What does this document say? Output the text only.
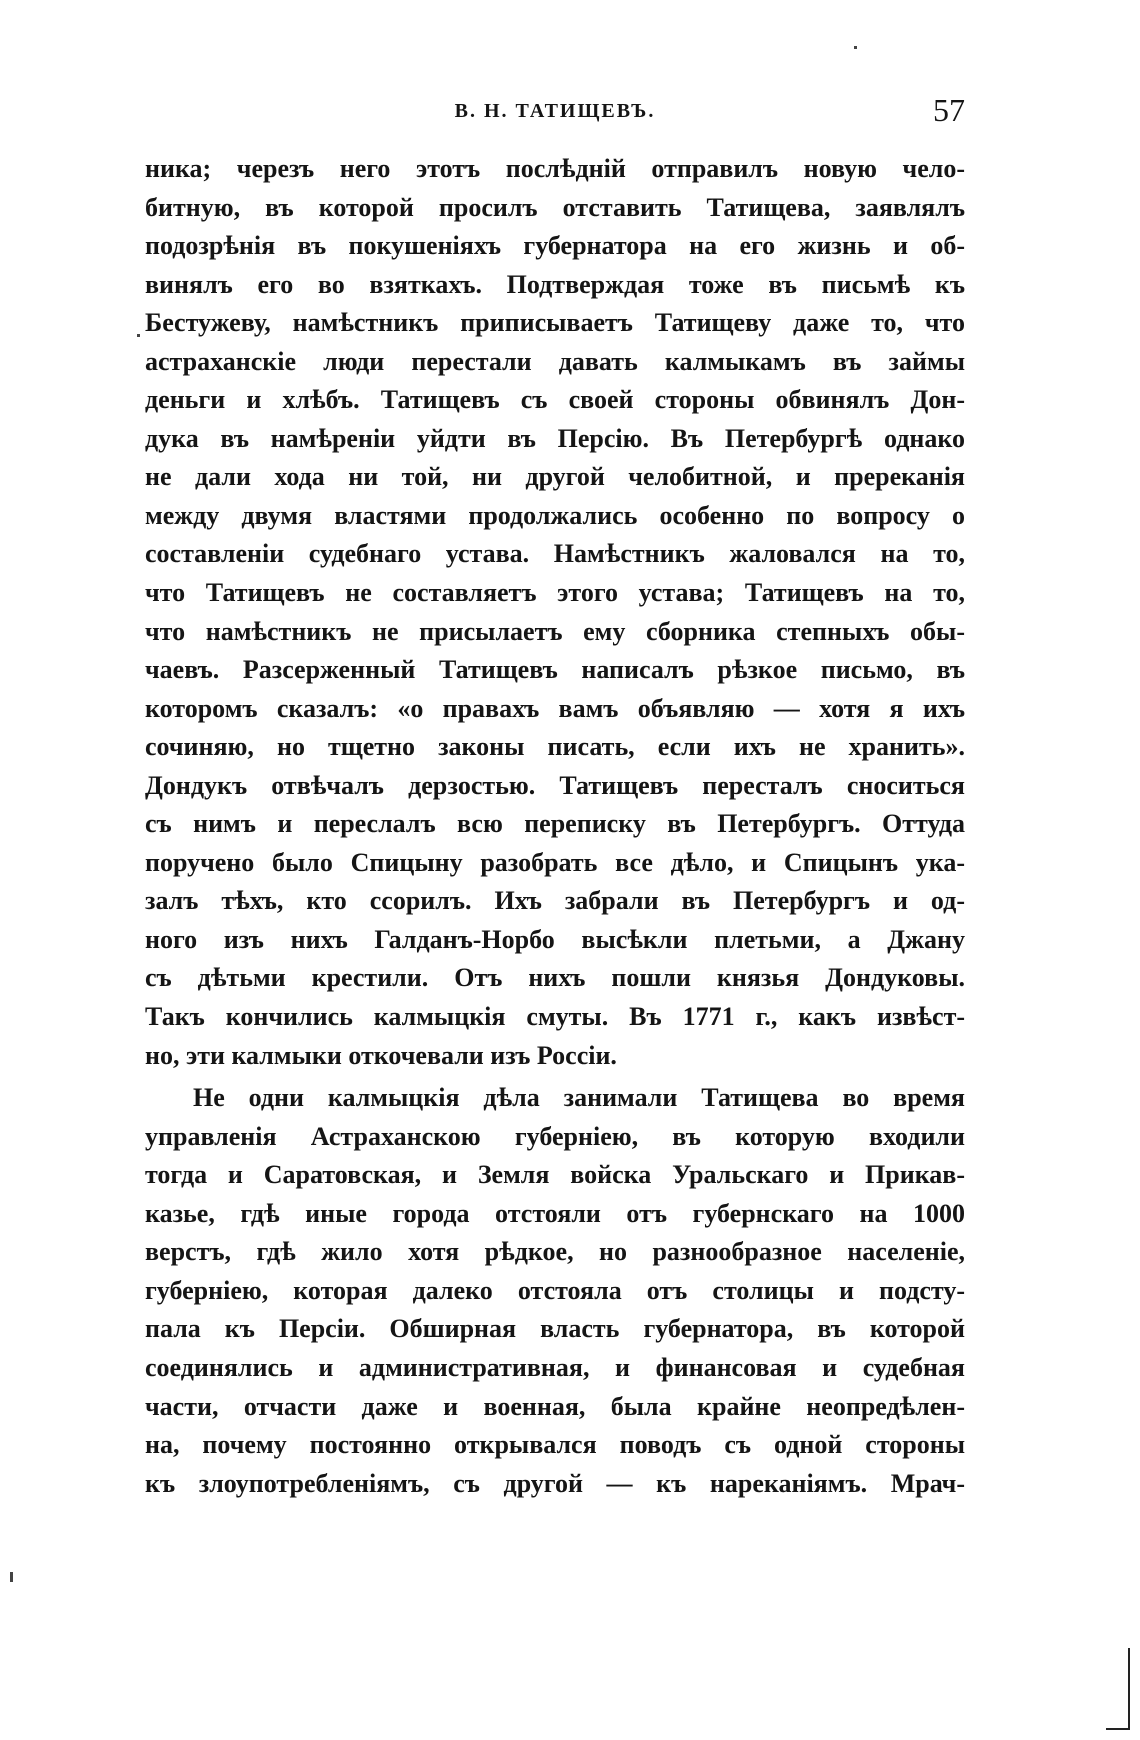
В. Н. ТАТИЩЕВЪ.	57
ника; черезъ него этотъ послѣдній отправилъ новую чело-
битную, въ которой просилъ отставить Татищева, заявлялъ
подозрѣнія въ покушеніяхъ губернатора на его жизнь и об-
винялъ его во взяткахъ. Подтверждая тоже въ письмѣ къ
Бестужеву, намѣстникъ приписываетъ Татищеву даже то, что
астраханскіе люди перестали давать калмыкамъ въ займы
деньги и хлѣбъ. Татищевъ съ своей стороны обвинялъ Дон-
дука въ намѣреніи уйдти въ Персію. Въ Петербургѣ однако
не дали хода ни той, ни другой челобитной, и пререканія
между двумя властями продолжались особенно по вопросу о
составленіи судебнаго устава. Намѣстникъ жаловался на то,
что Татищевъ не составляетъ этого устава; Татищевъ на то,
что намѣстникъ не присылаетъ ему сборника степныхъ обы-
чаевъ. Разсерженный Татищевъ написалъ рѣзкое письмо, въ
которомъ сказалъ: «о правахъ вамъ объявляю — хотя я ихъ
сочиняю, но тщетно законы писать, если ихъ не хранить».
Дондукъ отвѣчалъ дерзостью. Татищевъ пересталъ сноситься
съ нимъ и переслалъ всю переписку въ Петербургъ. Оттуда
поручено было Спицыну разобрать все дѣло, и Спицынъ ука-
залъ тѣхъ, кто ссорилъ. Ихъ забрали въ Петербургъ и од-
ного изъ нихъ Галданъ-Норбо высѣкли плетьми, а Джану
съ дѣтьми крестили. Отъ нихъ пошли князья Дондуковы.
Такъ кончились калмыцкія смуты. Въ 1771 г., какъ извѣст-
но, эти калмыки откочевали изъ Россіи.
Не одни калмыцкія дѣла занимали Татищева во время
управленія Астраханскою губерніею, въ которую входили
тогда и Саратовская, и Земля войска Уральскаго и Прикав-
казье, гдѣ иные города отстояли отъ губернскаго на 1000
верстъ, гдѣ жило хотя рѣдкое, но разнообразное населеніе,
губерніею, которая далеко отстояла отъ столицы и подсту-
пала къ Персіи. Обширная власть губернатора, въ которой
соединялись и административная, и финансовая и судебная
части, отчасти даже и военная, была крайне неопредѣлен-
на, почему постоянно открывался поводъ съ одной стороны
къ злоупотребленіямъ, съ другой — къ нареканіямъ. Мрач-
